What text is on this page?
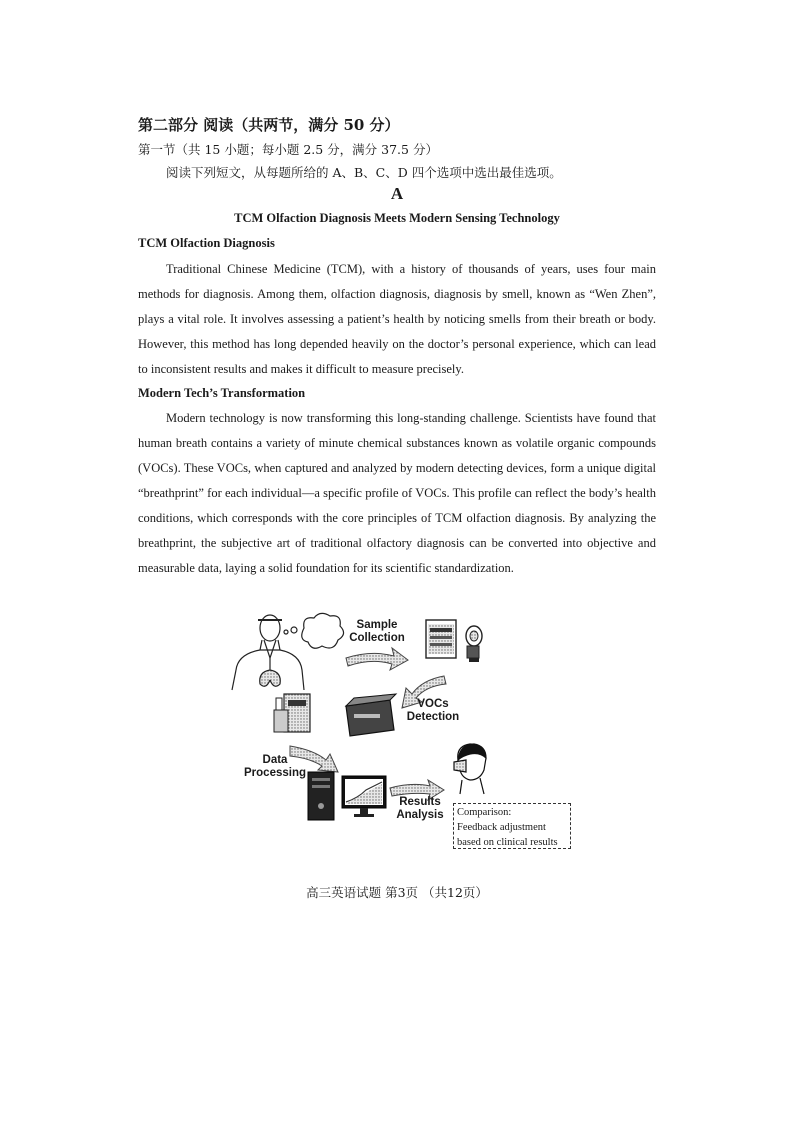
第二部分 阅读（共两节，满分 50 分）
第一节（共 15 小题；每小题 2.5 分，满分 37.5 分）
阅读下列短文，从每题所给的 A、B、C、D 四个选项中选出最佳选项。
A
TCM Olfaction Diagnosis Meets Modern Sensing Technology
TCM Olfaction Diagnosis

Traditional Chinese Medicine (TCM), with a history of thousands of years, uses four main methods for diagnosis. Among them, olfaction diagnosis, diagnosis by smell, known as “Wen Zhen”, plays a vital role. It involves assessing a patient’s health by noticing smells from their breath or body. However, this method has long depended heavily on the doctor’s personal experience, which can lead to inconsistent results and makes it difficult to measure precisely.

Modern Tech’s Transformation

Modern technology is now transforming this long-standing challenge. Scientists have found that human breath contains a variety of minute chemical substances known as volatile organic compounds (VOCs). These VOCs, when captured and analyzed by modern detecting devices, form a unique digital “breathprint” for each individual—a specific profile of VOCs. This profile can reflect the body’s health conditions, which corresponds with the core principles of TCM olfaction diagnosis. By analyzing the breathprint, the subjective art of traditional olfactory diagnosis can be converted into objective and measurable data, laying a solid foundation for its scientific standardization.

Sample Collection
VOCs Detection
Data Processing
Results Analysis	Comparison:
Feedback adjustment
based on clinical results
高三英语试题 第3页 （共12页）
